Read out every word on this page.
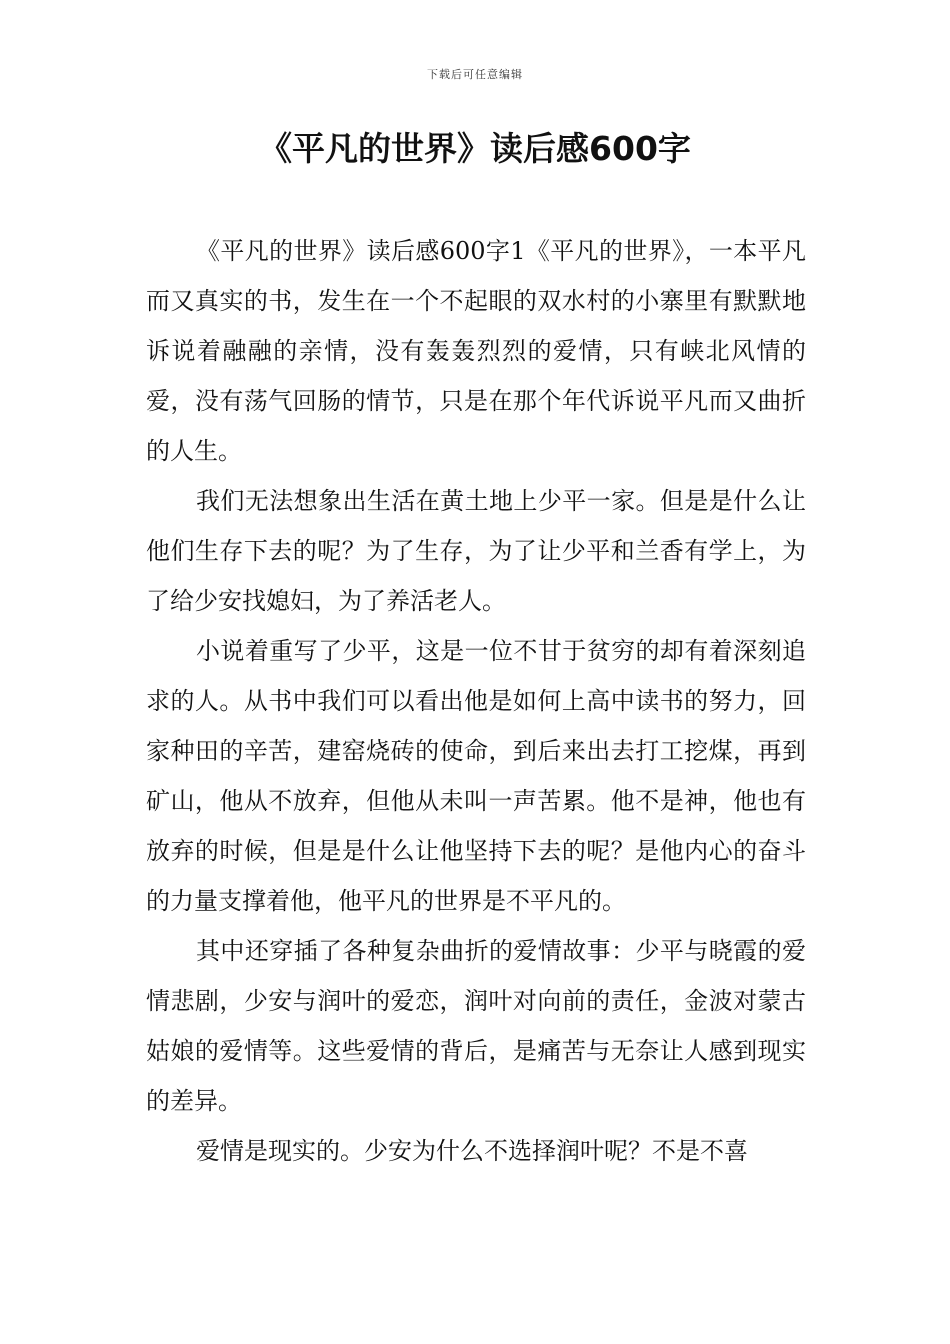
下载后可任意编辑
《平凡的世界》读后感600字

《平凡的世界》读后感600字1《平凡的世界》，一本平凡而又真实的书，发生在一个不起眼的双水村的小寨里有默默地诉说着融融的亲情，没有轰轰烈烈的爱情，只有峡北风情的爱，没有荡气回肠的情节，只是在那个年代诉说平凡而又曲折的人生。

我们无法想象出生活在黄土地上少平一家。但是是什么让他们生存下去的呢？为了生存，为了让少平和兰香有学上，为了给少安找媳妇，为了养活老人。

小说着重写了少平，这是一位不甘于贫穷的却有着深刻追求的人。从书中我们可以看出他是如何上高中读书的努力，回家种田的辛苦，建窑烧砖的使命，到后来出去打工挖煤，再到矿山，他从不放弃，但他从未叫一声苦累。他不是神，他也有放弃的时候，但是是什么让他坚持下去的呢？是他内心的奋斗的力量支撑着他，他平凡的世界是不平凡的。

其中还穿插了各种复杂曲折的爱情故事：少平与晓霞的爱情悲剧，少安与润叶的爱恋，润叶对向前的责任，金波对蒙古姑娘的爱情等。这些爱情的背后，是痛苦与无奈让人感到现实的差异。

爱情是现实的。少安为什么不选择润叶呢？不是不喜
